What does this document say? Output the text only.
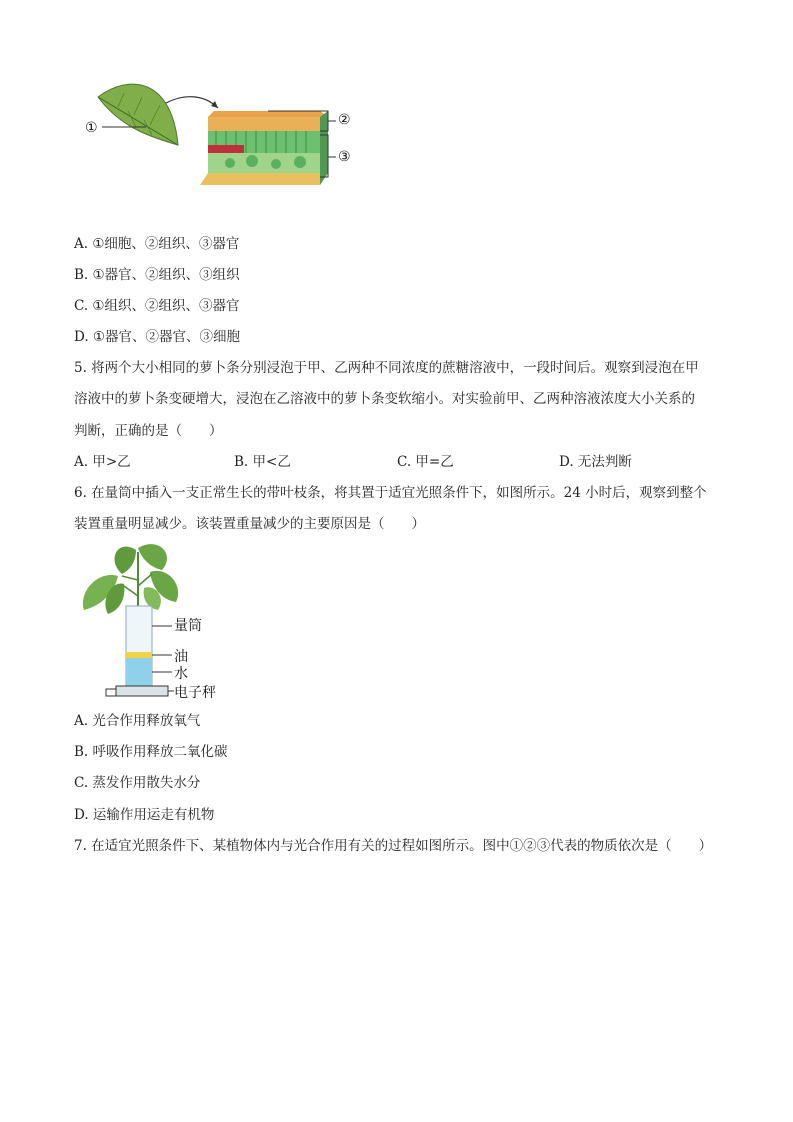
①	②
③
A. ①细胞、②组织、③器官
B. ①器官、②组织、③组织
C. ①组织、②组织、③器官
D. ①器官、②器官、③细胞
5. 将两个大小相同的萝卜条分别浸泡于甲、乙两种不同浓度的蔗糖溶液中，一段时间后。观察到浸泡在甲
溶液中的萝卜条变硬增大，浸泡在乙溶液中的萝卜条变软缩小。对实验前甲、乙两种溶液浓度大小关系的
判断，正确的是（　　）
A. 甲>乙	B. 甲<乙	C. 甲=乙	D. 无法判断
6. 在量筒中插入一支正常生长的带叶枝条，将其置于适宜光照条件下，如图所示。24 小时后，观察到整个
装置重量明显减少。该装置重量减少的主要原因是（　　）
量筒
油
水
电子秤
A. 光合作用释放氧气
B. 呼吸作用释放二氧化碳
C. 蒸发作用散失水分
D. 运输作用运走有机物
7. 在适宜光照条件下、某植物体内与光合作用有关的过程如图所示。图中①②③代表的物质依次是（　　）
